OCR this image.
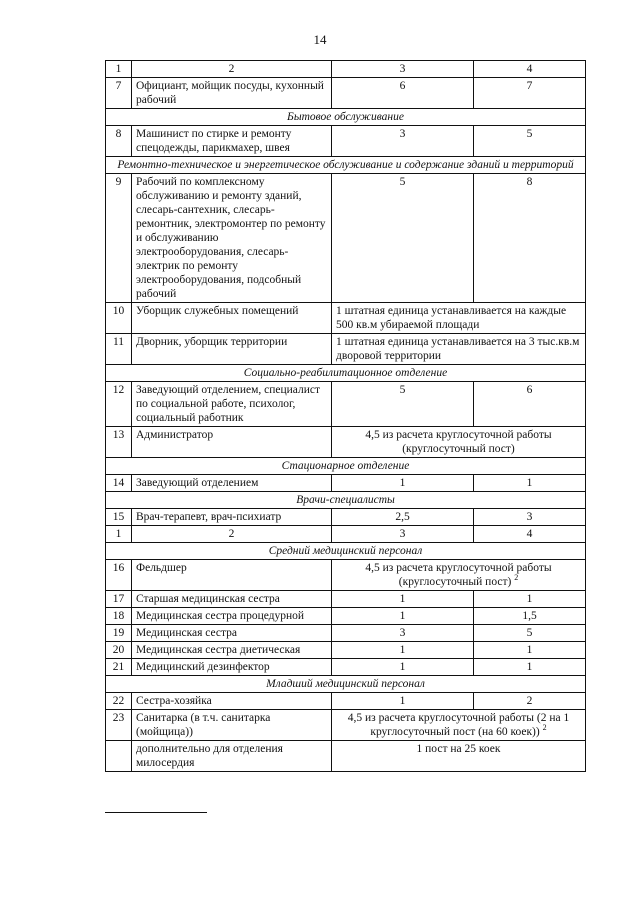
14
1	2	3	4
7	Официант, мойщик посуды, кухонный рабочий	6	7
Бытовое обслуживание			
8	Машинист по стирке и ремонту спецодежды, парикмахер, швея	3	5
Ремонтно-техническое и энергетическое обслуживание и содержание зданий и территорий			
9	Рабочий по комплексному обслуживанию и ремонту зданий, слесарь-сантехник, слесарь-ремонтник, электромонтер по ремонту и обслуживанию электрооборудования, слесарь-электрик по ремонту электрооборудования, подсобный рабочий	5	8
10	Уборщик служебных помещений	1 штатная единица устанавливается на каждые 500 кв.м убираемой площади	
11	Дворник, уборщик территории	1 штатная единица устанавливается на 3 тыс.кв.м дворовой территории	
Социально-реабилитационное отделение			
12	Заведующий отделением, специалист по социальной работе, психолог, социальный работник	5	6
13	Администратор	4,5 из расчета круглосуточной работы (круглосуточный пост)	
Стационарное отделение			
14	Заведующий отделением	1	1
Врачи-специалисты			
15	Врач-терапевт, врач-психиатр	2,5	3
1	2	3	4
Средний медицинский персонал			
16	Фельдшер	4,5 из расчета круглосуточной работы (круглосуточный пост) $^2$
17	Старшая медицинская сестра	1	1
18	Медицинская сестра процедурной	1	1,5
19	Медицинская сестра	3	5
20	Медицинская сестра диетическая	1	1
21	Медицинский дезинфектор	1	1
Младший медицинский персонал			
22	Сестра-хозяйка	1	2
23	Санитарка (в т.ч. санитарка (мойщица))	4,5 из расчета круглосуточной работы (2 на 1 круглосуточный пост (на 60 коек)) $^2$
	дополнительно для отделения милосердия	1 пост на 25 коек	
